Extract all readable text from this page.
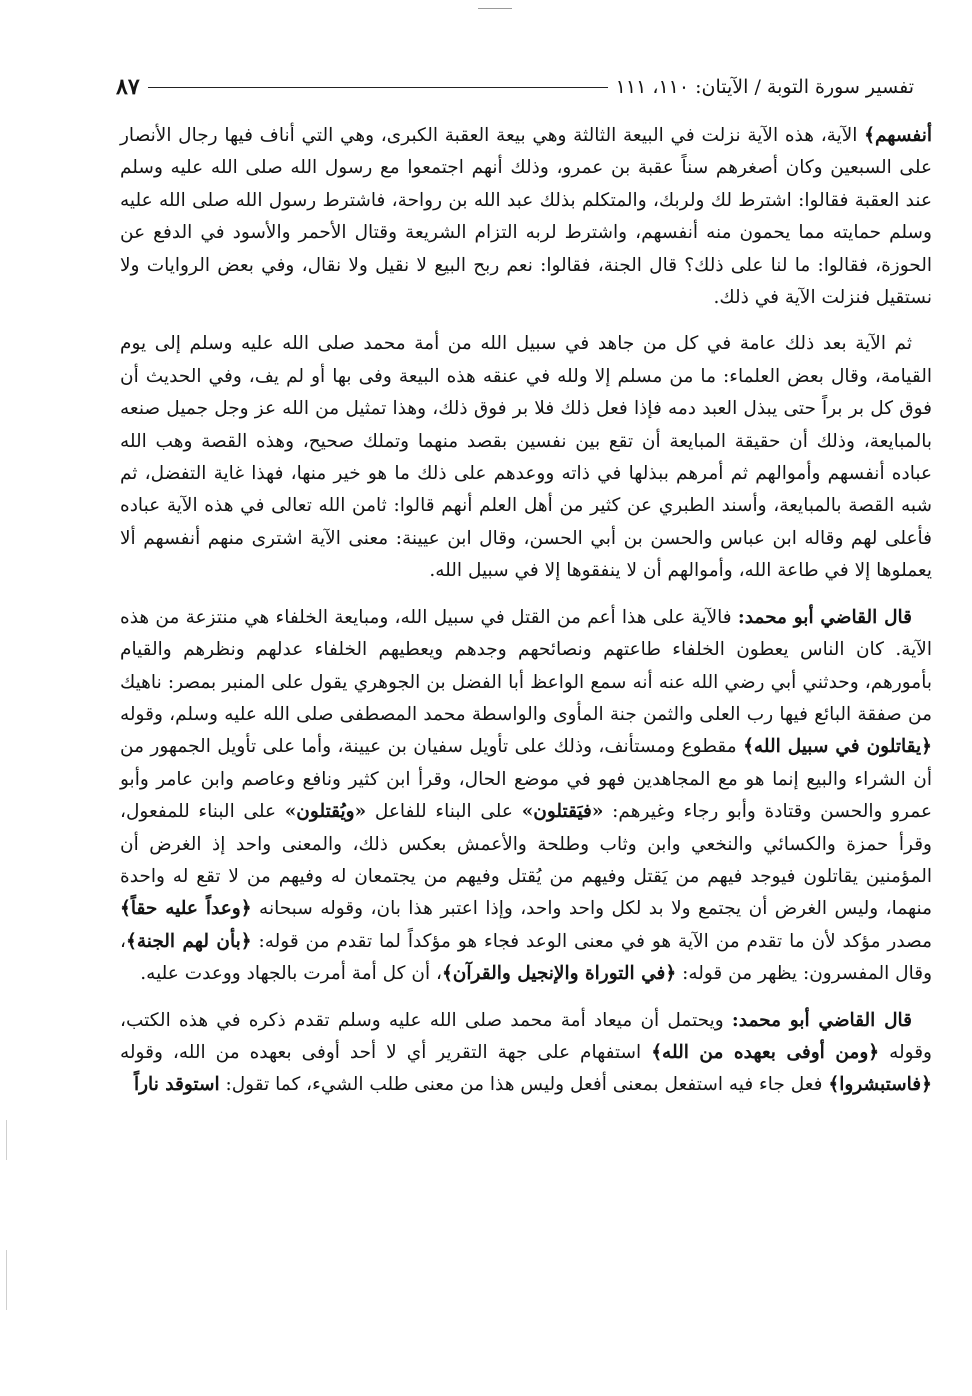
تفسير سورة التوبة / الآيتان: ١١٠، ١١١
٨٧

أنفسهم﴾ الآية، هذه الآية نزلت في البيعة الثالثة وهي بيعة العقبة الكبرى، وهي التي أناف فيها رجال الأنصار على السبعين وكان أصغرهم سناً عقبة بن عمرو، وذلك أنهم اجتمعوا مع رسول الله صلى الله عليه وسلم عند العقبة فقالوا: اشترط لك ولربك، والمتكلم بذلك عبد الله بن رواحة، فاشترط رسول الله صلى الله عليه وسلم حمايته مما يحمون منه أنفسهم، واشترط لربه التزام الشريعة وقتال الأحمر والأسود في الدفع عن الحوزة، فقالوا: ما لنا على ذلك؟ قال الجنة، فقالوا: نعم ربح البيع لا نقيل ولا نقال، وفي بعض الروايات ولا نستقيل فنزلت الآية في ذلك.

ثم الآية بعد ذلك عامة في كل من جاهد في سبيل الله من أمة محمد صلى الله عليه وسلم إلى يوم القيامة، وقال بعض العلماء: ما من مسلم إلا ولله في عنقه هذه البيعة وفى بها أو لم يف، وفي الحديث أن فوق كل بر براً حتى يبذل العبد دمه فإذا فعل ذلك فلا بر فوق ذلك، وهذا تمثيل من الله عز وجل جميل صنعه بالمبايعة، وذلك أن حقيقة المبايعة أن تقع بين نفسين بقصد منهما وتملك صحيح، وهذه القصة وهب الله عباده أنفسهم وأموالهم ثم أمرهم ببذلها في ذاته ووعدهم على ذلك ما هو خير منها، فهذا غاية التفضل، ثم شبه القصة بالمبايعة، وأسند الطبري عن كثير من أهل العلم أنهم قالوا: ثامن الله تعالى في هذه الآية عباده فأعلى لهم وقاله ابن عباس والحسن بن أبي الحسن، وقال ابن عيينة: معنى الآية اشترى منهم أنفسهم ألا يعملوها إلا في طاعة الله، وأموالهم أن لا ينفقوها إلا في سبيل الله.

قال القاضي أبو محمد: فالآية على هذا أعم من القتل في سبيل الله، ومبايعة الخلفاء هي منتزعة من هذه الآية. كان الناس يعطون الخلفاء طاعتهم ونصائحهم وجدهم ويعطيهم الخلفاء عدلهم ونظرهم والقيام بأمورهم، وحدثني أبي رضي الله عنه أنه سمع الواعظ أبا الفضل بن الجوهري يقول على المنبر بمصر: ناهيك من صفقة البائع فيها رب العلى والثمن جنة المأوى والواسطة محمد المصطفى صلى الله عليه وسلم، وقوله ﴿يقاتلون في سبيل الله﴾ مقطوع ومستأنف، وذلك على تأويل سفيان بن عيينة، وأما على تأويل الجمهور من أن الشراء والبيع إنما هو مع المجاهدين فهو في موضع الحال، وقرأ ابن كثير ونافع وعاصم وابن عامر وأبو عمرو والحسن وقتادة وأبو رجاء وغيرهم: «فيَقتلون» على البناء للفاعل «ويُقتلون» على البناء للمفعول، وقرأ حمزة والكسائي والنخعي وابن وثاب وطلحة والأعمش بعكس ذلك، والمعنى واحد إذ الغرض أن المؤمنين يقاتلون فيوجد فيهم من يَقتل وفيهم من يُقتل وفيهم من يجتمعان له وفيهم من لا تقع له واحدة منهما، وليس الغرض أن يجتمع ولا بد لكل واحد واحد، وإذا اعتبر هذا بان، وقوله سبحانه ﴿وعداً عليه حقاً﴾ مصدر مؤكد لأن ما تقدم من الآية هو في معنى الوعد فجاء هو مؤكداً لما تقدم من قوله: ﴿بأن لهم الجنة﴾، وقال المفسرون: يظهر من قوله: ﴿في التوراة والإنجيل والقرآن﴾، أن كل أمة أمرت بالجهاد ووعدت عليه.

قال القاضي أبو محمد: ويحتمل أن ميعاد أمة محمد صلى الله عليه وسلم تقدم ذكره في هذه الكتب، وقوله ﴿ومن أوفى بعهده من الله﴾ استفهام على جهة التقرير أي لا أحد أوفى بعهده من الله، وقوله ﴿فاستبشروا﴾ فعل جاء فيه استفعل بمعنى أفعل وليس هذا من معنى طلب الشيء، كما تقول: استوقد ناراً
